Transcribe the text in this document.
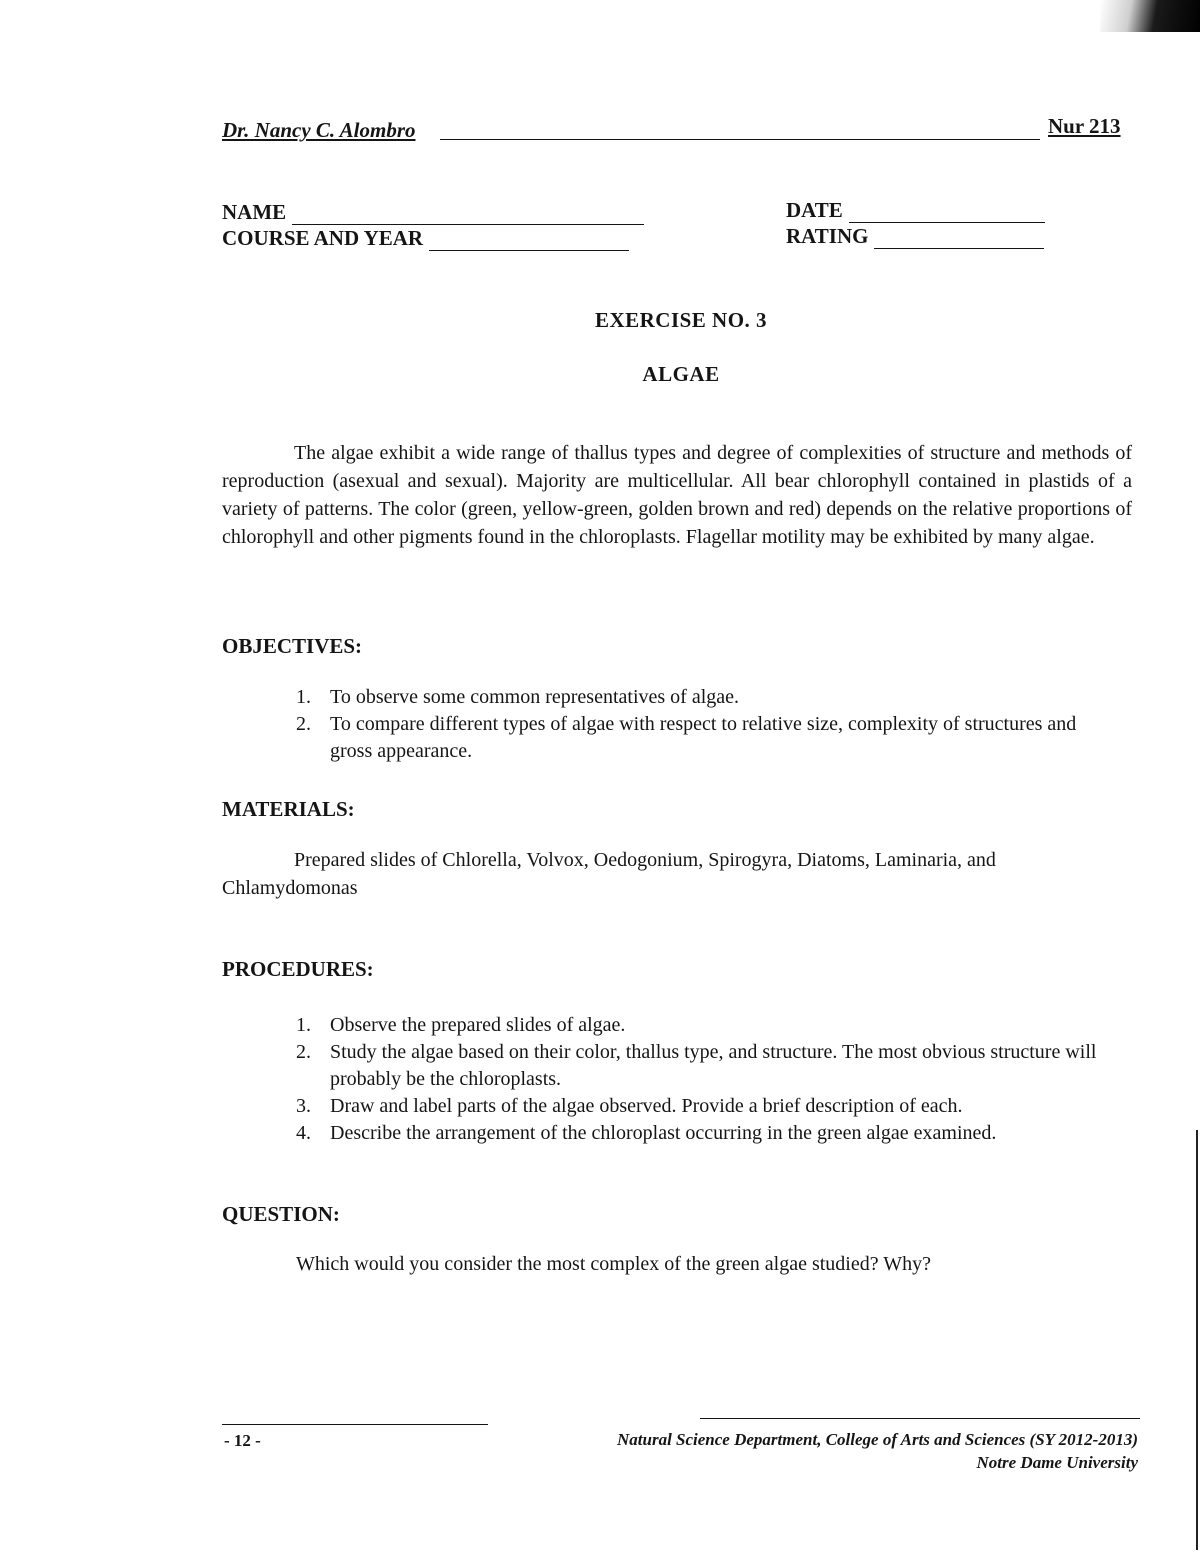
Dr. Nancy C. Alombro	Nur 213
NAME
COURSE AND YEAR
DATE
RATING
EXERCISE NO. 3
ALGAE
The algae exhibit a wide range of thallus types and degree of complexities of structure and methods of reproduction (asexual and sexual). Majority are multicellular. All bear chlorophyll contained in plastids of a variety of patterns. The color (green, yellow-green, golden brown and red) depends on the relative proportions of chlorophyll and other pigments found in the chloroplasts. Flagellar motility may be exhibited by many algae.
OBJECTIVES:
1. To observe some common representatives of algae.
2. To compare different types of algae with respect to relative size, complexity of structures and gross appearance.
MATERIALS:
Prepared slides of Chlorella, Volvox, Oedogonium, Spirogyra, Diatoms, Laminaria, and Chlamydomonas
PROCEDURES:
1. Observe the prepared slides of algae.
2. Study the algae based on their color, thallus type, and structure. The most obvious structure will probably be the chloroplasts.
3. Draw and label parts of the algae observed. Provide a brief description of each.
4. Describe the arrangement of the chloroplast occurring in the green algae examined.
QUESTION:
Which would you consider the most complex of the green algae studied? Why?
- 12 -	Natural Science Department, College of Arts and Sciences (SY 2012-2013)
Notre Dame University
